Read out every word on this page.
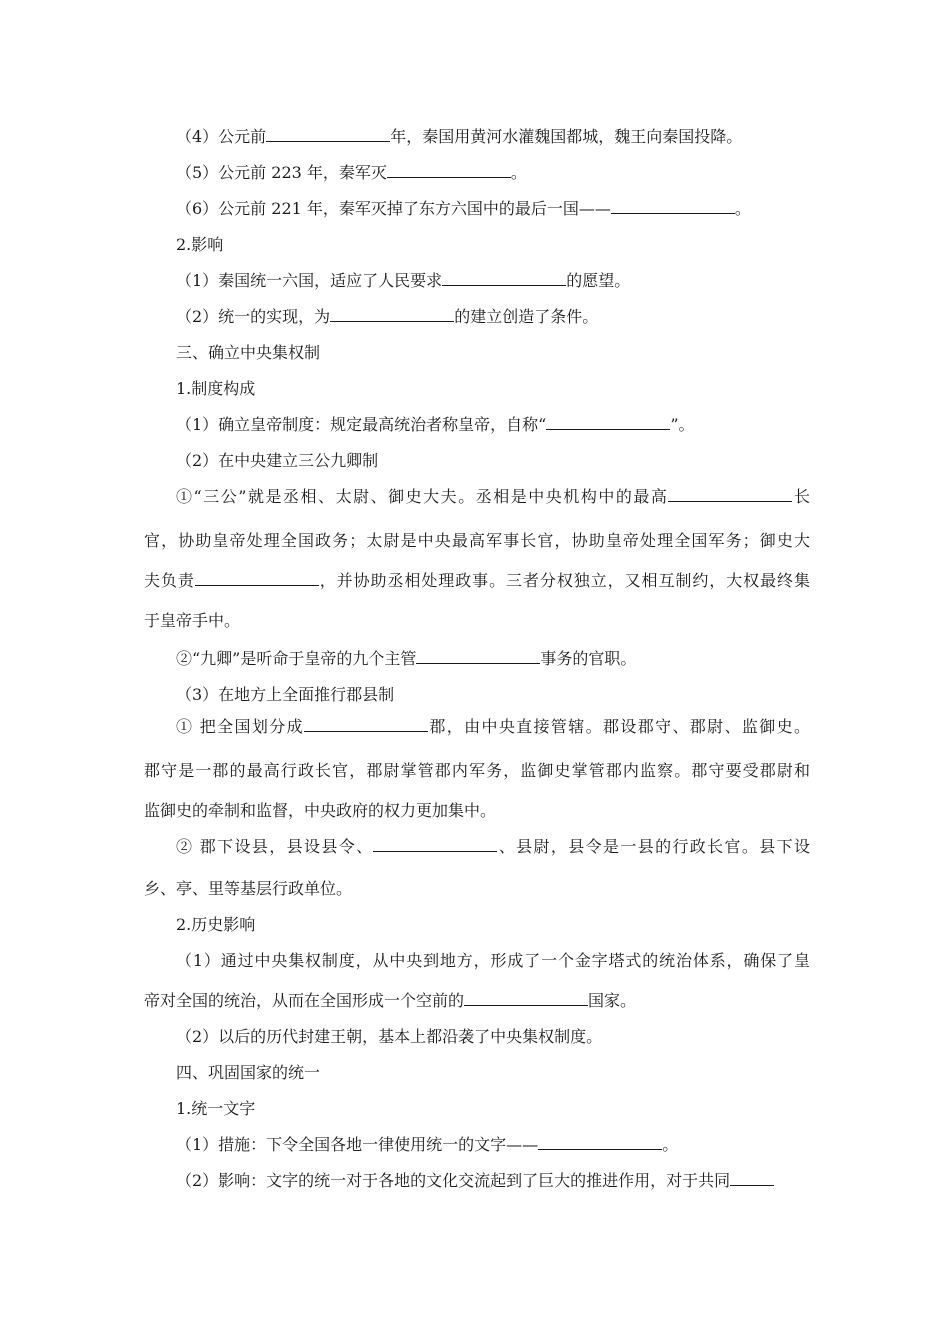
（4）公元前	年，秦国用黄河水灌魏国都城，魏王向秦国投降。
（5）公元前 223 年，秦军灭	。
（6）公元前 221 年，秦军灭掉了东方六国中的最后一国——	。
2.影响
（1）秦国统一六国，适应了人民要求	的愿望。
（2）统一的实现，为	的建立创造了条件。
三、确立中央集权制
1.制度构成
（1）确立皇帝制度：规定最高统治者称皇帝，自称“	”。
（2）在中央建立三公九卿制
①“三公”就是丞相、太尉、御史大夫。丞相是中央机构中的最高	长
官，协助皇帝处理全国政务；太尉是中央最高军事长官，协助皇帝处理全国军务；御史大
夫负责	，并协助丞相处理政事。三者分权独立，又相互制约，大权最终集
于皇帝手中。
②“九卿”是听命于皇帝的九个主管	事务的官职。
（3）在地方上全面推行郡县制
① 把全国划分成	郡，由中央直接管辖。郡设郡守、郡尉、监御史。
郡守是一郡的最高行政长官，郡尉掌管郡内军务，监御史掌管郡内监察。郡守要受郡尉和
监御史的牵制和监督，中央政府的权力更加集中。
② 郡下设县，县设县令、	、县尉，县令是一县的行政长官。县下设
乡、亭、里等基层行政单位。
2.历史影响
（1）通过中央集权制度，从中央到地方，形成了一个金字塔式的统治体系，确保了皇
帝对全国的统治，从而在全国形成一个空前的	国家。
（2）以后的历代封建王朝，基本上都沿袭了中央集权制度。
四、巩固国家的统一
1.统一文字
（1）措施：下令全国各地一律使用统一的文字——	。
（2）影响：文字的统一对于各地的文化交流起到了巨大的推进作用，对于共同
